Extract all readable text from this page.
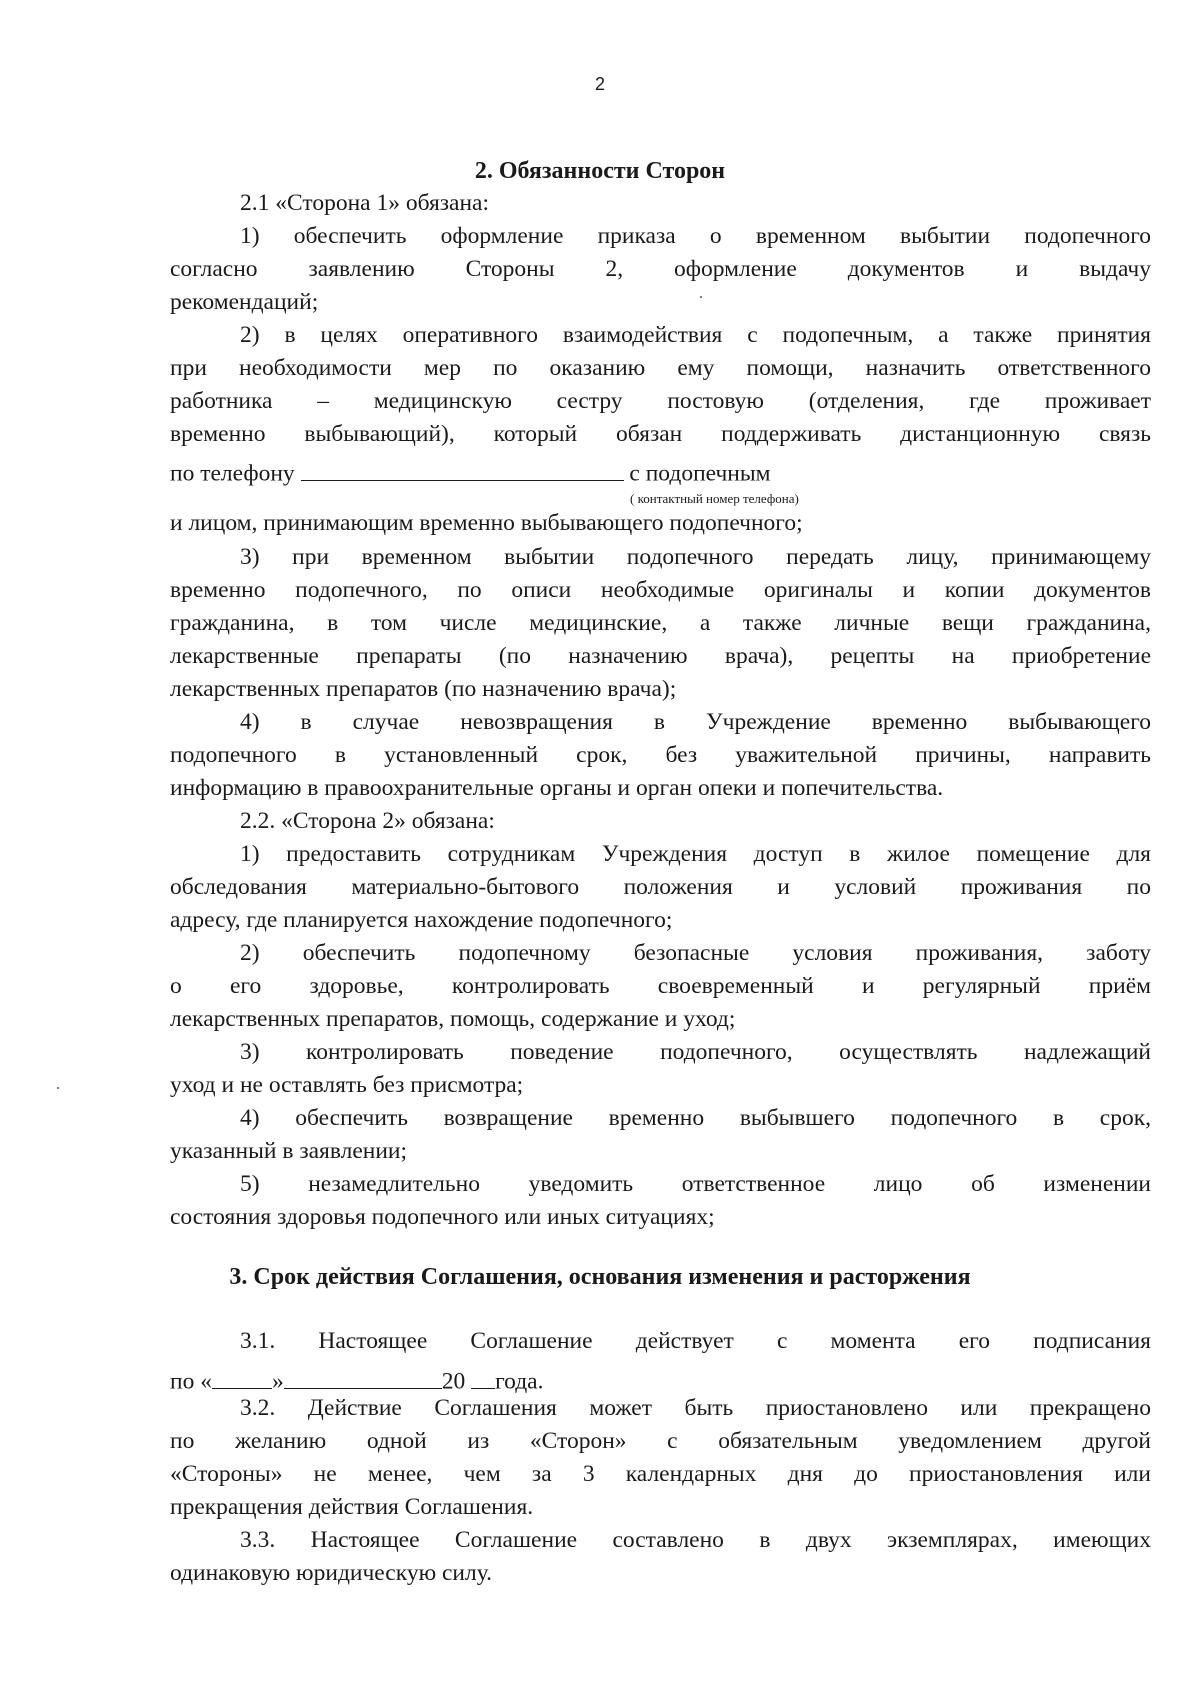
2
2. Обязанности Сторон
2.1 «Сторона 1» обязана:
1) обеспечить оформление приказа о временном выбытии подопечного
согласно заявлению Стороны 2, оформление документов и выдачу
рекомендаций;
2) в целях оперативного взаимодействия с подопечным, а также принятия
при необходимости мер по оказанию ему помощи, назначить ответственного
работника – медицинскую сестру постовую (отделения, где проживает
временно выбывающий), который обязан поддерживать дистанционную связь
по телефону	с подопечным
( контактный номер телефона)
и лицом, принимающим временно выбывающего подопечного;
3) при временном выбытии подопечного передать лицу, принимающему
временно подопечного, по описи необходимые оригиналы и копии документов
гражданина, в том числе медицинские, а также личные вещи гражданина,
лекарственные препараты (по назначению врача), рецепты на приобретение
лекарственных препаратов (по назначению врача);
4) в случае невозвращения в Учреждение временно выбывающего
подопечного в установленный срок, без уважительной причины, направить
информацию в правоохранительные органы и орган опеки и попечительства.
2.2. «Сторона 2» обязана:
1) предоставить сотрудникам Учреждения доступ в жилое помещение для
обследования материально-бытового положения и условий проживания по
адресу, где планируется нахождение подопечного;
2) обеспечить подопечному безопасные условия проживания, заботу
о его здоровье, контролировать своевременный и регулярный приём
лекарственных препаратов, помощь, содержание и уход;
3) контролировать поведение подопечного, осуществлять надлежащий
уход и не оставлять без присмотра;
4) обеспечить возвращение временно выбывшего подопечного в срок,
указанный в заявлении;
5) незамедлительно уведомить ответственное лицо об изменении
состояния здоровья подопечного или иных ситуациях;
3. Срок действия Соглашения, основания изменения и расторжения
3.1. Настоящее Соглашение действует с момента его подписания
по «	»	20 года.
3.2. Действие Соглашения может быть приостановлено или прекращено
по желанию одной из «Сторон» с обязательным уведомлением другой
«Стороны» не менее, чем за 3 календарных дня до приостановления или
прекращения действия Соглашения.
3.3. Настоящее Соглашение составлено в двух экземплярах, имеющих
одинаковую юридическую силу.
